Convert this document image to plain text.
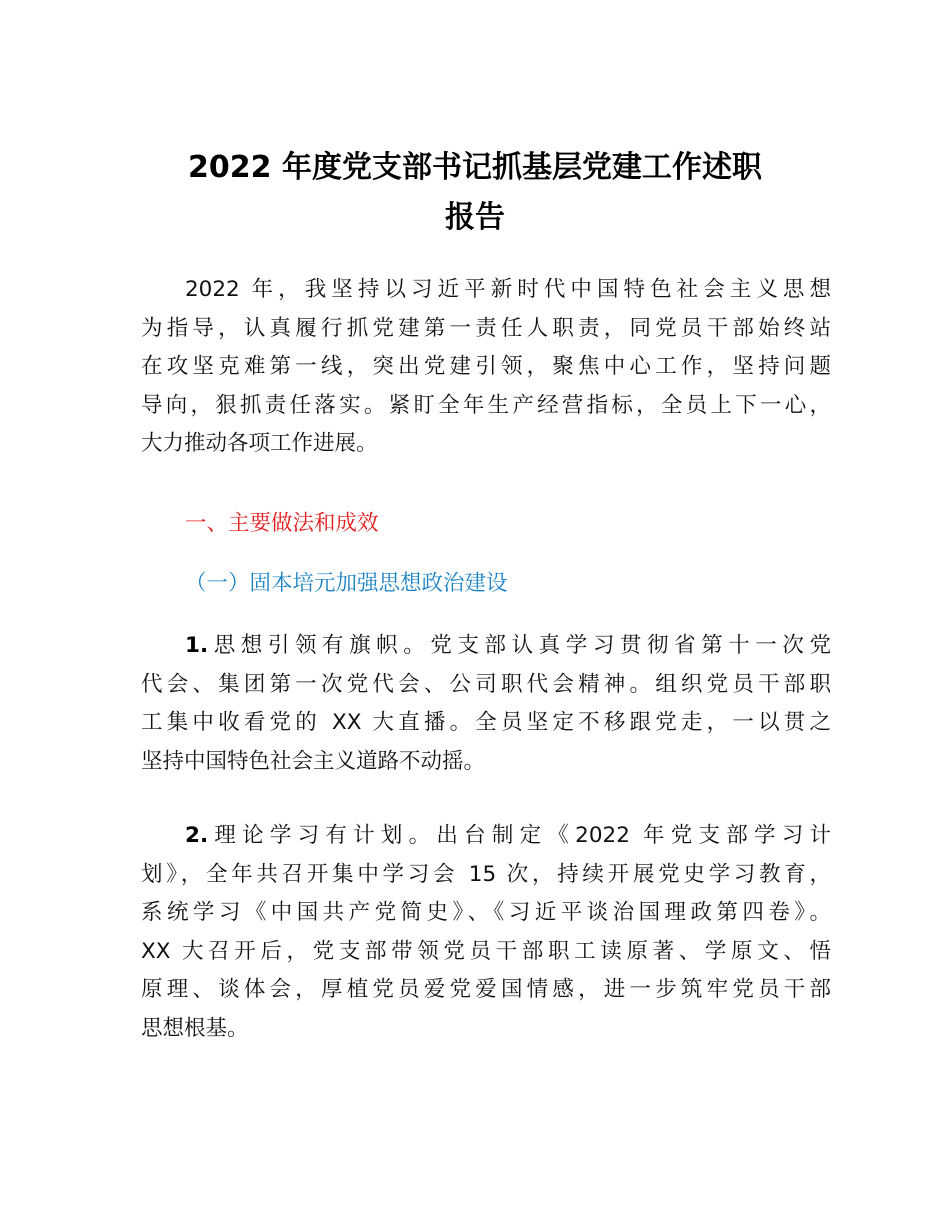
2022 年度党支部书记抓基层党建工作述职
报告
2022 年，我坚持以习近平新时代中国特色社会主义思想
为指导，认真履行抓党建第一责任人职责，同党员干部始终站
在攻坚克难第一线，突出党建引领，聚焦中心工作，坚持问题
导向，狠抓责任落实。紧盯全年生产经营指标，全员上下一心，
大力推动各项工作进展。
一、主要做法和成效
（一）固本培元加强思想政治建设
1.思想引领有旗帜。党支部认真学习贯彻省第十一次党
代会、集团第一次党代会、公司职代会精神。组织党员干部职
工集中收看党的 XX 大直播。全员坚定不移跟党走，一以贯之
坚持中国特色社会主义道路不动摇。
2.理论学习有计划。出台制定《2022 年党支部学习计
划》，全年共召开集中学习会 15 次，持续开展党史学习教育，
系统学习《中国共产党简史》、《习近平谈治国理政第四卷》。
XX 大召开后，党支部带领党员干部职工读原著、学原文、悟
原理、谈体会，厚植党员爱党爱国情感，进一步筑牢党员干部
思想根基。
